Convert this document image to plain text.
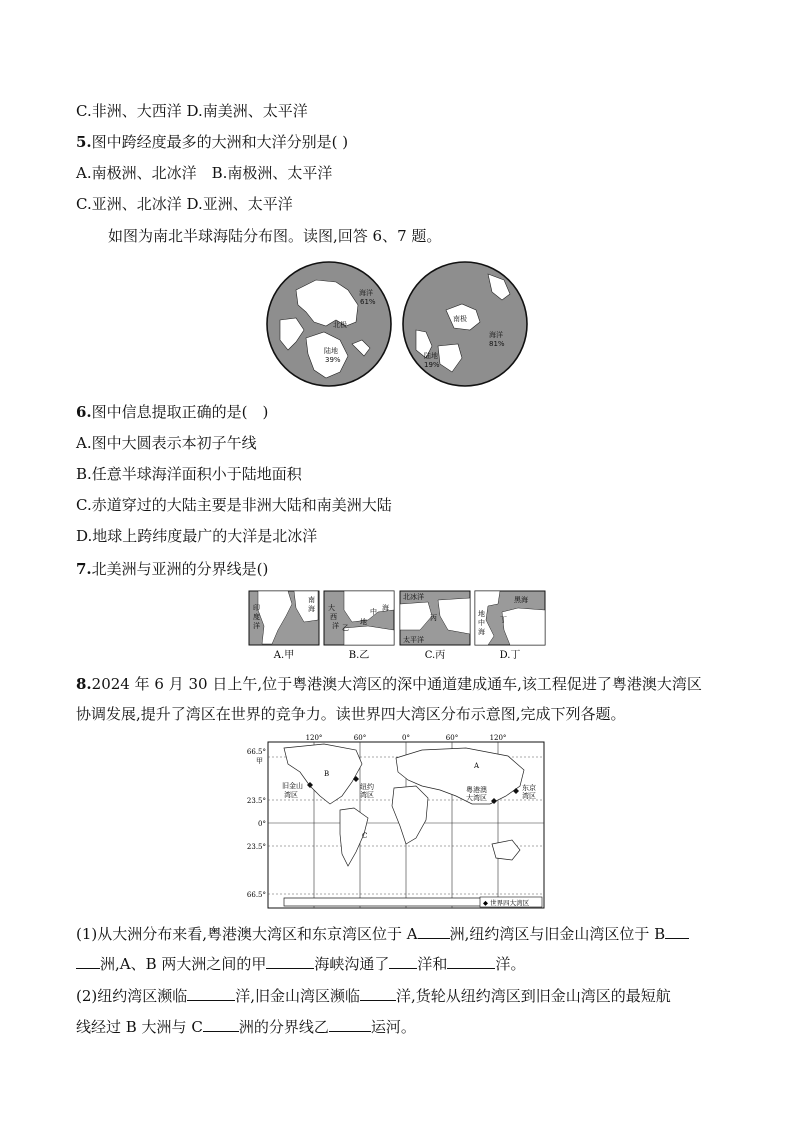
C.非洲、大西洋 D.南美洲、太平洋
5.图中跨经度最多的大洲和大洋分别是( )
A.南极洲、北冰洋　B.南极洲、太平洋
C.亚洲、北冰洋 D.亚洲、太平洋
如图为南北半球海陆分布图。读图,回答 6、7 题。
海洋
61%
北极
陆地
39%
南极
海洋
81%
陆地
19%
6.图中信息提取正确的是(　)
A.图中大圆表示本初子午线
B.任意半球海洋面积小于陆地面积
C.赤道穿过的大陆主要是非洲大陆和南美洲大陆
D.地球上跨纬度最广的大洋是北冰洋
7.北美洲与亚洲的分界线是()
印
度
洋
南
海
A.甲
大
西
洋 乙
地
中 海
B.乙
北冰洋
丙
太平洋
C.丙
黑海
地
中
海
丁
D.丁
8.2024 年 6 月 30 日上午,位于粤港澳大湾区的深中通道建成通车,该工程促进了粤港澳大湾区
协调发展,提升了湾区在世界的竞争力。读世界四大湾区分布示意图,完成下列各题。
120°	60°	0°	60°	120°
66.5°
23.5°
0°
23.5°
66.5°
甲
旧金山
湾区
B
纽约
湾区
C
A
粤港澳
大湾区
东京
湾区
◆ 世界四大湾区
(1)从大洲分布来看,粤港澳大湾区和东京湾区位于 A 洲,纽约湾区与旧金山湾区位于 B
洲,A、B 两大洲之间的甲	海峡沟通了 洋和	洋。
(2)纽约湾区濒临	洋,旧金山湾区濒临 洋,货轮从纽约湾区到旧金山湾区的最短航
线经过 B 大洲与 C 洲的分界线乙	运河。
